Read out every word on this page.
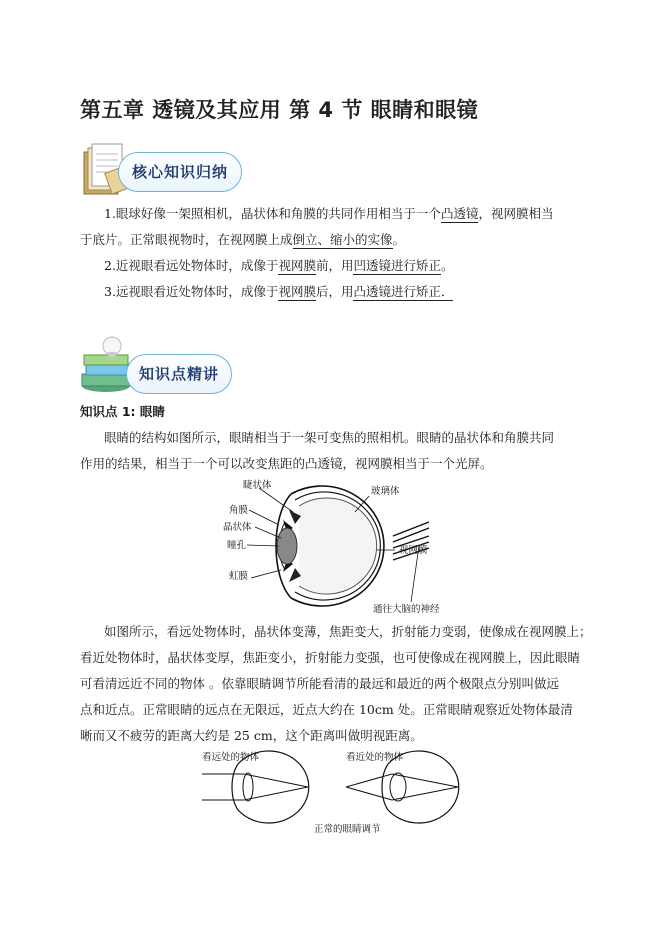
第五章 透镜及其应用 第 4 节 眼睛和眼镜
核心知识归纳
1.眼球好像一架照相机，晶状体和角膜的共同作用相当于一个凸透镜，视网膜相当
于底片。正常眼视物时，在视网膜上成倒立、缩小的实像。
2.近视眼看远处物体时，成像于视网膜前，用凹透镜进行矫正。
3.远视眼看近处物体时，成像于视网膜后，用凸透镜进行矫正．
知识点精讲
知识点 1: 眼睛
眼睛的结构如图所示，眼睛相当于一架可变焦的照相机。眼睛的晶状体和角膜共同
作用的结果，相当于一个可以改变焦距的凸透镜，视网膜相当于一个光屏。
睫状体
角膜
晶状体
瞳孔
虹膜
玻璃体
视网膜
通往大脑的神经
如图所示，看远处物体时，晶状体变薄，焦距变大，折射能力变弱，使像成在视网膜上；
看近处物体时，晶状体变厚，焦距变小，折射能力变强，也可使像成在视网膜上，因此眼睛
可看清远近不同的物体 。依靠眼睛调节所能看清的最远和最近的两个极限点分别叫做远
点和近点。正常眼睛的远点在无限远，近点大约在 10cm 处。正常眼睛观察近处物体最清
晰而又不疲劳的距离大约是 25 cm，这个距离叫做明视距离。
看远处的物体	看近处的物体
正常的眼睛调节
